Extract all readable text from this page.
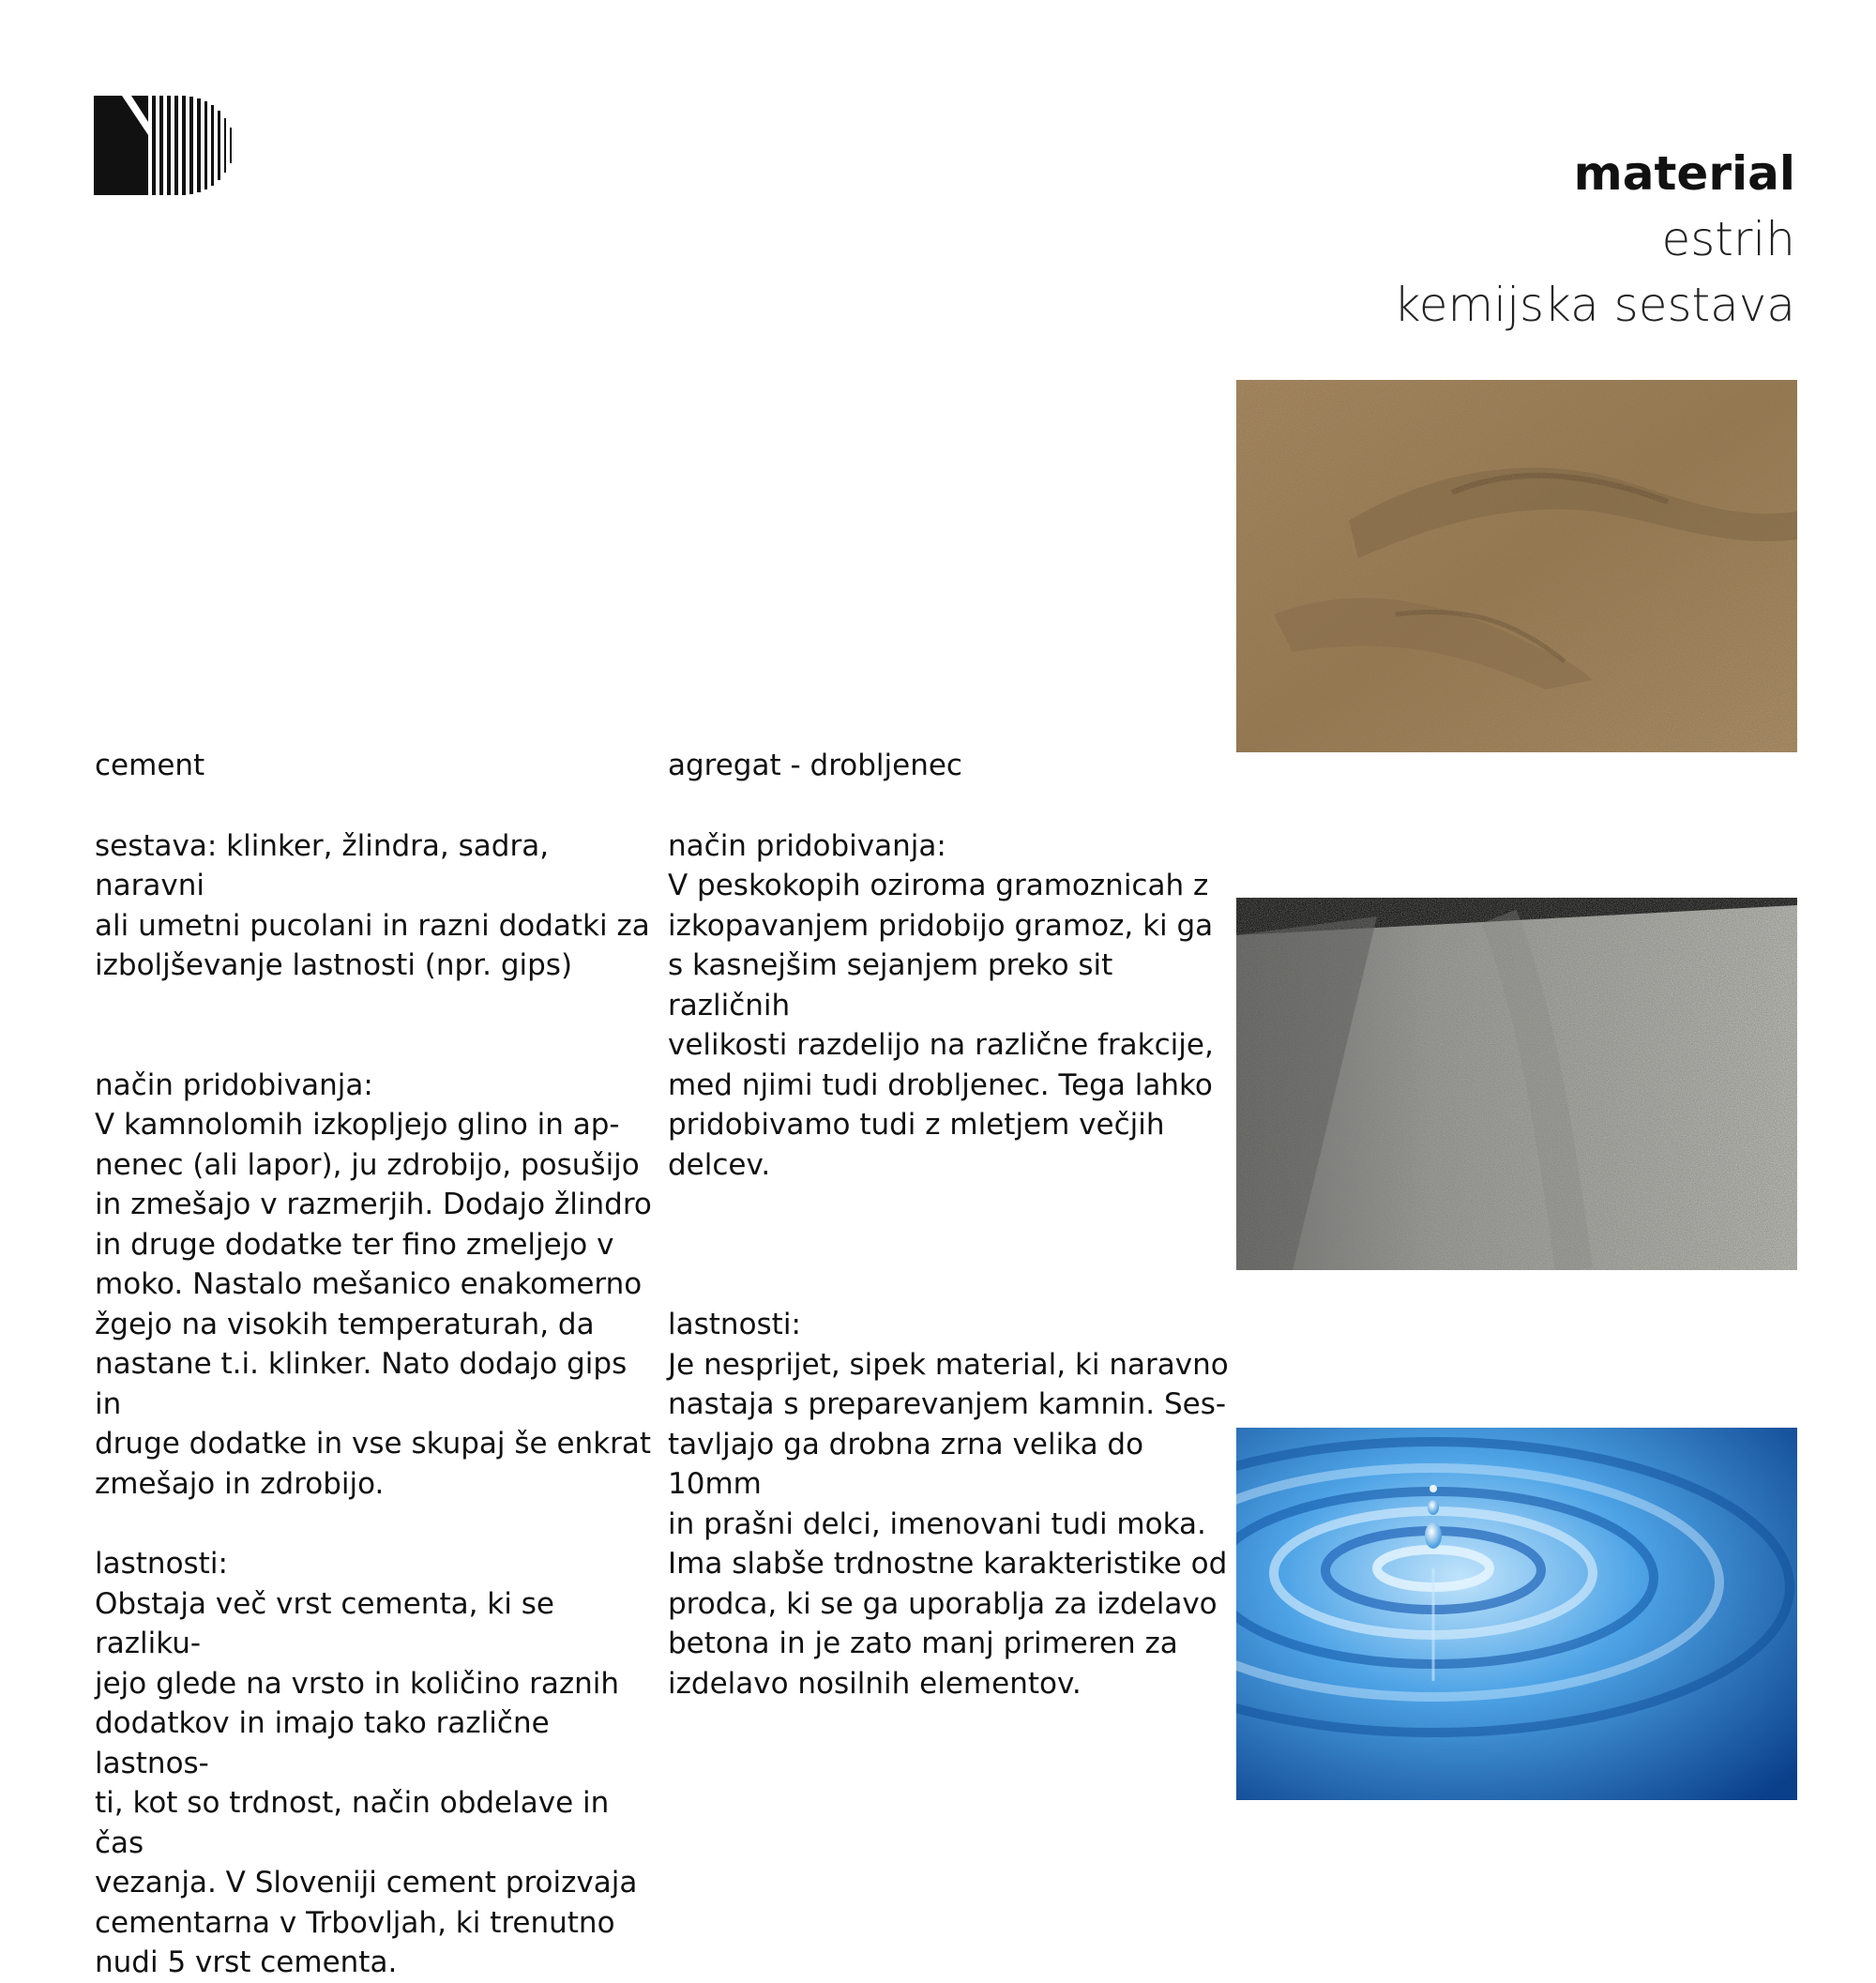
material
estrih
kemijska sestava

cement

sestava: klinker, žlindra, sadra, naravni
ali umetni pucolani in razni dodatki za
izboljševanje lastnosti (npr. gips)

način pridobivanja:

V kamnolomih izkopljejo glino in ap-
nenec (ali lapor), ju zdrobijo, posušijo
in zmešajo v razmerjih. Dodajo žlindro
in druge dodatke ter fino zmeljejo v
moko. Nastalo mešanico enakomerno
žgejo na visokih temperaturah, da
nastane t.i. klinker. Nato dodajo gips in
druge dodatke in vse skupaj še enkrat
zmešajo in zdrobijo.

lastnosti:

Obstaja več vrst cementa, ki se razliku-
jejo glede na vrsto in količino raznih
dodatkov in imajo tako različne lastnos-
ti, kot so trdnost, način obdelave in čas
vezanja. V Sloveniji cement proizvaja
cementarna v Trbovljah, ki trenutno
nudi 5 vrst cementa.

agregat - drobljenec

način pridobivanja:

V peskokopih oziroma gramoznicah z
izkopavanjem pridobijo gramoz, ki ga
s kasnejšim sejanjem preko sit različnih
velikosti razdelijo na različne frakcije,
med njimi tudi drobljenec. Tega lahko
pridobivamo tudi z mletjem večjih
delcev.

lastnosti:

Je nesprijet, sipek material, ki naravno
nastaja s preparevanjem kamnin. Ses-
tavljajo ga drobna zrna velika do 10mm
in prašni delci, imenovani tudi moka.
Ima slabše trdnostne karakteristike od
prodca, ki se ga uporablja za izdelavo
betona in je zato manj primeren za
izdelavo nosilnih elementov.
